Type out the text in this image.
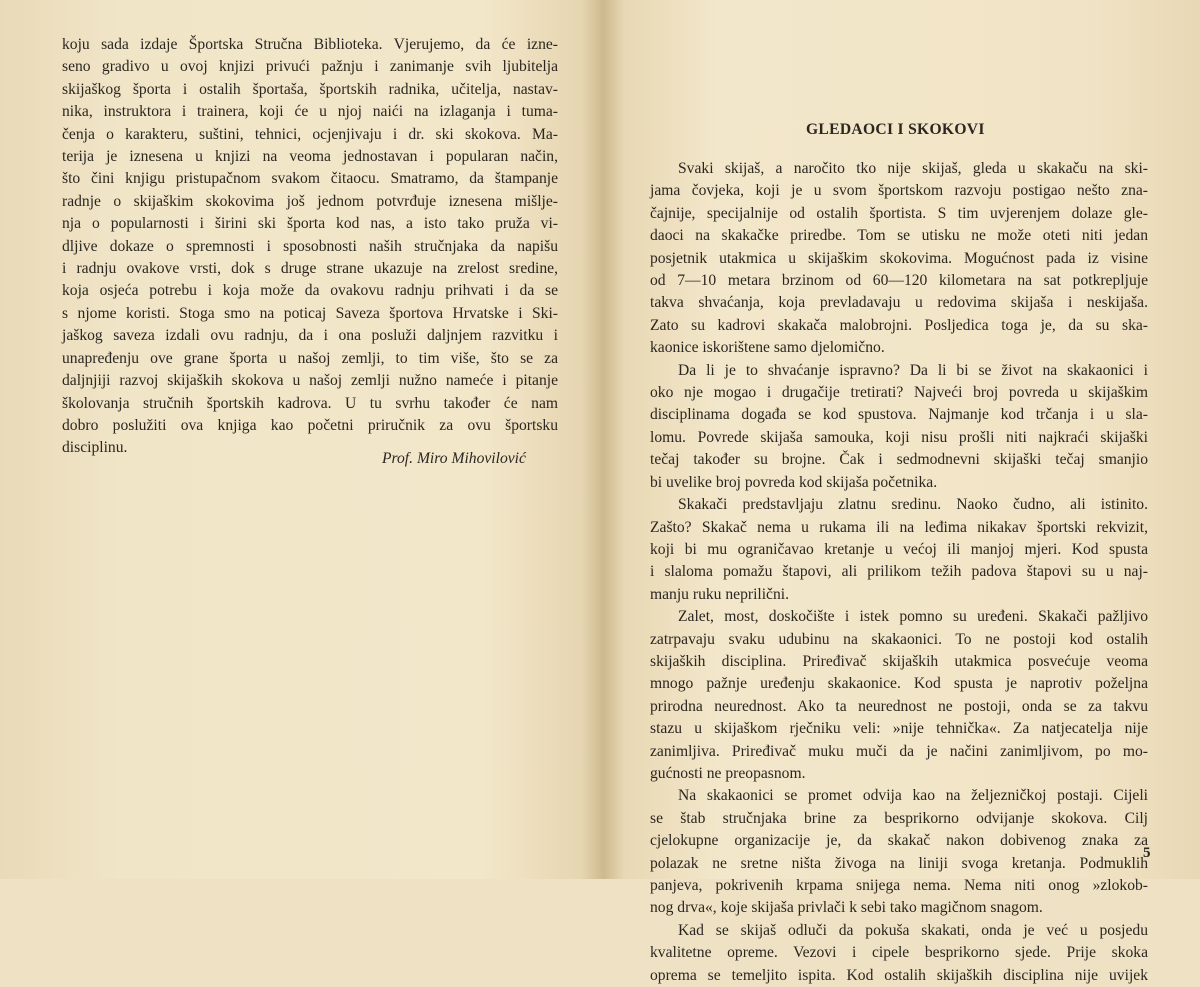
koju sada izdaje Športska Stručna Biblioteka. Vjerujemo, da će izne-
seno gradivo u ovoj knjizi privući pažnju i zanimanje svih ljubitelja
skijaškog športa i ostalih športaša, športskih radnika, učitelja, nastav-
nika, instruktora i trainera, koji će u njoj naići na izlaganja i tuma-
čenja o karakteru, suštini, tehnici, ocjenjivaju i dr. ski skokova. Ma-
terija je iznesena u knjizi na veoma jednostavan i popularan način,
što čini knjigu pristupačnom svakom čitaocu. Smatramo, da štampanje
radnje o skijaškim skokovima još jednom potvrđuje iznesena mišlje-
nja o popularnosti i širini ski športa kod nas, a isto tako pruža vi-
dljive dokaze o spremnosti i sposobnosti naših stručnjaka da napišu
i radnju ovakove vrsti, dok s druge strane ukazuje na zrelost sredine,
koja osjeća potrebu i koja može da ovakovu radnju prihvati i da se
s njome koristi. Stoga smo na poticaj Saveza športova Hrvatske i Ski-
jaškog saveza izdali ovu radnju, da i ona posluži daljnjem razvitku i
unapređenju ove grane športa u našoj zemlji, to tim više, što se za
daljnjiji razvoj skijaških skokova u našoj zemlji nužno nameće i pitanje
školovanja stručnih športskih kadrova. U tu svrhu također će nam
dobro poslužiti ova knjiga kao početni priručnik za ovu športsku
disciplinu.
Prof. Miro Mihovilović
GLEDAOCI I SKOKOVI
Svaki skijaš, a naročito tko nije skijaš, gleda u skakaču na ski-
jama čovjeka, koji je u svom športskom razvoju postigao nešto zna-
čajnije, specijalnije od ostalih športista. S tim uvjerenjem dolaze gle-
daoci na skakačke priredbe. Tom se utisku ne može oteti niti jedan
posjetnik utakmica u skijaškim skokovima. Mogućnost pada iz visine
od 7—10 metara brzinom od 60—120 kilometara na sat potkrepljuje
takva shvaćanja, koja prevladavaju u redovima skijaša i neskijaša.
Zato su kadrovi skakača malobrojni. Posljedica toga je, da su ska-
kaonice iskorištene samo djelomično.
Da li je to shvaćanje ispravno? Da li bi se život na skakaonici i
oko nje mogao i drugačije tretirati? Najveći broj povreda u skijaškim
disciplinama događa se kod spustova. Najmanje kod trčanja i u sla-
lomu. Povrede skijaša samouka, koji nisu prošli niti najkraći skijaški
tečaj također su brojne. Čak i sedmodnevni skijaški tečaj smanjio
bi uvelike broj povreda kod skijaša početnika.
Skakači predstavljaju zlatnu sredinu. Naoko čudno, ali istinito.
Zašto? Skakač nema u rukama ili na leđima nikakav športski rekvizit,
koji bi mu ograničavao kretanje u većoj ili manjoj mjeri. Kod spusta
i slaloma pomažu štapovi, ali prilikom težih padova štapovi su u naj-
manju ruku neprilični.
Zalet, most, doskočište i istek pomno su uređeni. Skakači pažljivo
zatrpavaju svaku udubinu na skakaonici. To ne postoji kod ostalih
skijaških disciplina. Priređivač skijaških utakmica posvećuje veoma
mnogo pažnje uređenju skakaonice. Kod spusta je naprotiv poželjna
prirodna neurednost. Ako ta neurednost ne postoji, onda se za takvu
stazu u skijaškom rječniku veli: »nije tehnička«. Za natjecatelja nije
zanimljiva. Priređivač muku muči da je načini zanimljivom, po mo-
gućnosti ne preopasnom.
Na skakaonici se promet odvija kao na željezničkoj postaji. Cijeli
se štab stručnjaka brine za besprikorno odvijanje skokova. Cilj
cjelokupne organizacije je, da skakač nakon dobivenog znaka za
polazak ne sretne ništa živoga na liniji svoga kretanja. Podmuklih
panjeva, pokrivenih krpama snijega nema. Nema niti onog »zlokob-
nog drva«, koje skijaša privlači k sebi tako magičnom snagom.
Kad se skijaš odluči da pokuša skakati, onda je već u posjedu
kvalitetne opreme. Vezovi i cipele besprikorno sjede. Prije skoka
oprema se temeljito ispita. Kod ostalih skijaških disciplina nije uvijek
5
